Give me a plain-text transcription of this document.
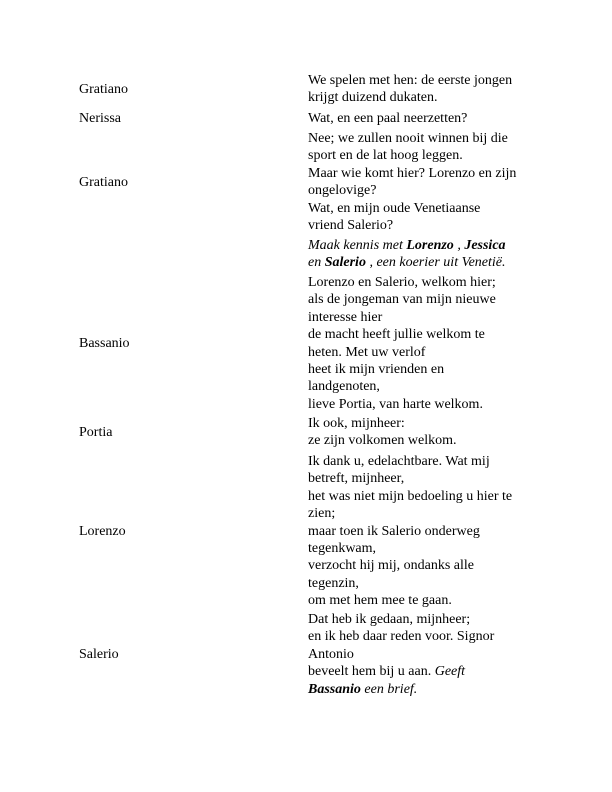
Gratiano
We spelen met hen: de eerste jongen
krijgt duizend dukaten.
Nerissa	Wat, en een paal neerzetten?
Gratiano
Nee; we zullen nooit winnen bij die
sport en de lat hoog leggen.
Maar wie komt hier? Lorenzo en zijn
ongelovige?
Wat, en mijn oude Venetiaanse
vriend Salerio?
Maak kennis met Lorenzo , Jessica
en Salerio , een koerier uit Venetië.
Bassanio
Lorenzo en Salerio, welkom hier;
als de jongeman van mijn nieuwe
interesse hier
de macht heeft jullie welkom te
heten. Met uw verlof
heet ik mijn vrienden en
landgenoten,
lieve Portia, van harte welkom.
Portia
Ik ook, mijnheer:
ze zijn volkomen welkom.
Lorenzo
Ik dank u, edelachtbare. Wat mij
betreft, mijnheer,
het was niet mijn bedoeling u hier te
zien;
maar toen ik Salerio onderweg
tegenkwam,
verzocht hij mij, ondanks alle
tegenzin,
om met hem mee te gaan.
Salerio
Dat heb ik gedaan, mijnheer;
en ik heb daar reden voor. Signor
Antonio
beveelt hem bij u aan. Geeft
Bassanio een brief.
